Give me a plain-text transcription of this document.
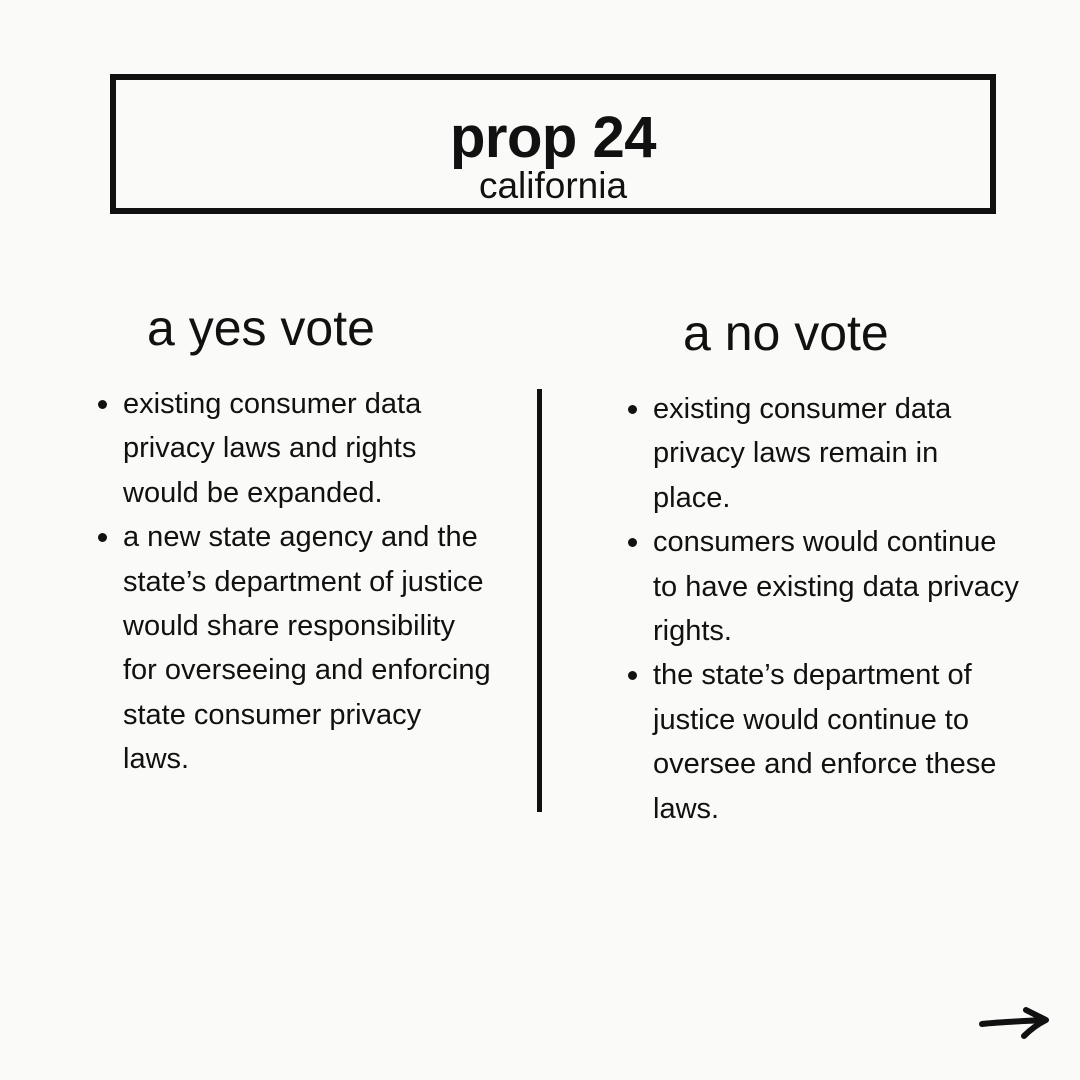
prop 24
california
a yes vote	a no vote
existing consumer data privacy laws and rights would be expanded.
a new state agency and the state’s department of justice would share responsibility for overseeing and enforcing state consumer privacy laws.
existing consumer data privacy laws remain in place.
consumers would continue to have existing data privacy rights.
the state’s department of justice would continue to oversee and enforce these laws.
